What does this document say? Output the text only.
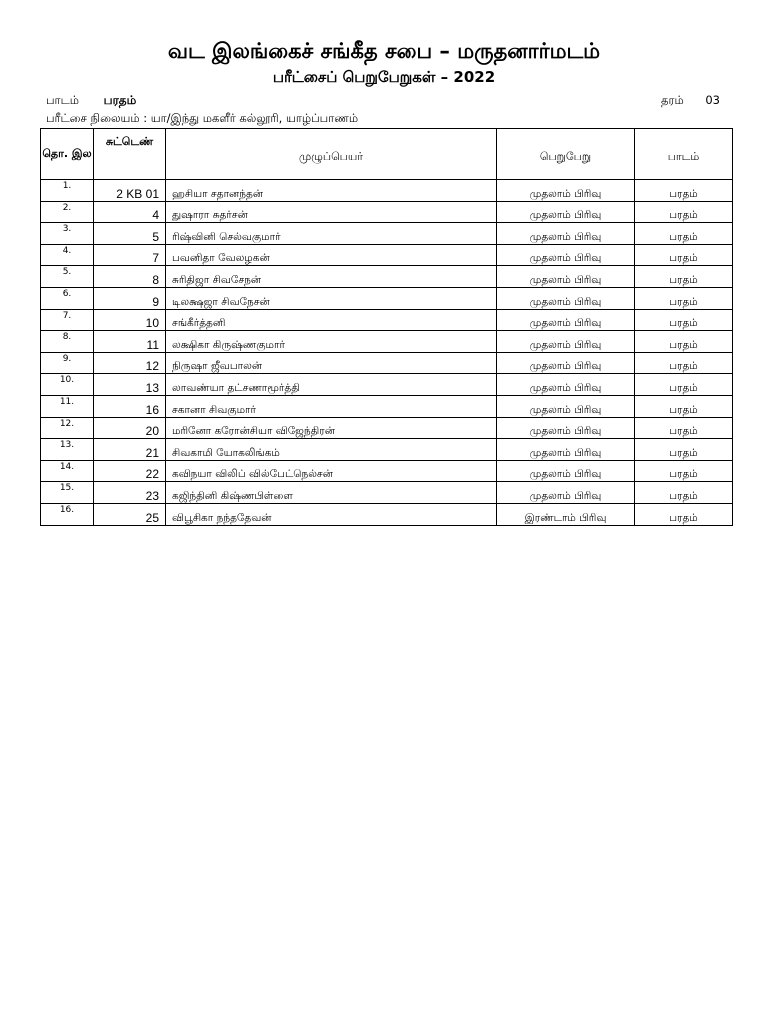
வட இலங்கைச் சங்கீத சபை – மருதனார்மடம்
பரீட்சைப் பெறுபேறுகள் – 2022
பாடம் பரதம்	தரம் 03
பரீட்சை நிலையம் : யா/இந்து மகளீர் கல்லூரி, யாழ்ப்பாணம்
தொ. இல	சுட்டெண்	முழுப்பெயர்	பெறுபேறு	பாடம்
1.	2 KB 01	ஹசியா சதானந்தன்	முதலாம் பிரிவு	பரதம்
2.	4	துஷாரா சுதர்சன்	முதலாம் பிரிவு	பரதம்
3.	5	ரிஷ்வினி செல்வகுமார்	முதலாம் பிரிவு	பரதம்
4.	7	பவனிதா வேலழகன்	முதலாம் பிரிவு	பரதம்
5.	8	சுரிதிஜா சிவசேநன்	முதலாம் பிரிவு	பரதம்
6.	9	டிலக்ஷஜா சிவநேசன்	முதலாம் பிரிவு	பரதம்
7.	10	சங்கீர்த்தனி	முதலாம் பிரிவு	பரதம்
8.	11	லக்ஷிகா கிருஷ்ணகுமார்	முதலாம் பிரிவு	பரதம்
9.	12	நிருஷா ஜீவபாலன்	முதலாம் பிரிவு	பரதம்
10.	13	லாவண்யா தட்சணாமூர்த்தி	முதலாம் பிரிவு	பரதம்
11.	16	சகானா சிவகுமார்	முதலாம் பிரிவு	பரதம்
12.	20	மரினோ கரோன்சியா விஜேந்திரன்	முதலாம் பிரிவு	பரதம்
13.	21	சிவகாமி யோகலிங்கம்	முதலாம் பிரிவு	பரதம்
14.	22	கவிநயா விலிப் வில்பேட்நெல்சன்	முதலாம் பிரிவு	பரதம்
15.	23	கஜிந்தினி கிஷ்ணபிள்ளை	முதலாம் பிரிவு	பரதம்
16.	25	விபூசிகா நந்ததேவன்	இரண்டாம் பிரிவு	பரதம்
